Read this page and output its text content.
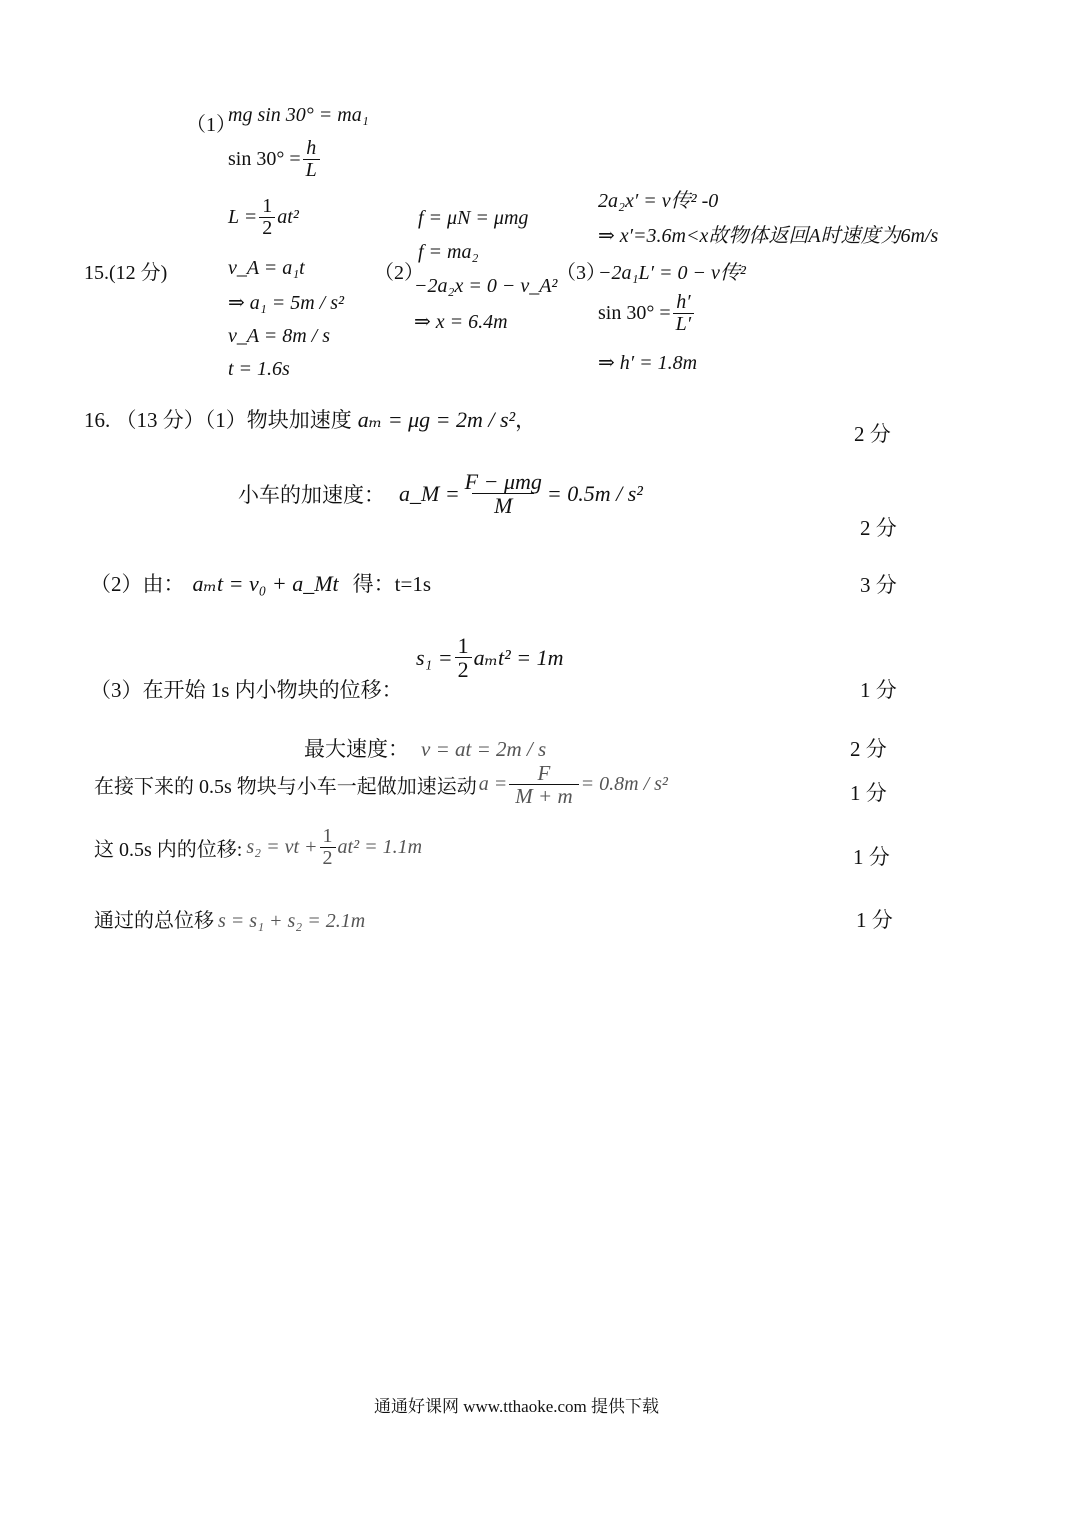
15.(12 分)
（1）
mg sin 30° = ma₁
$\sin 30^\circ = \frac{h}{L}$
$L = \frac{1}{2} at^2$
v_A = a₁t
⇒ a₁ = 5m / s²
v_A = 8m / s
t = 1.6s
（2）
f = μN = μmg
f = ma₂
−2a₂x = 0 − v_A²
⇒ x = 6.4m
（3）
2a₂x′ = v传² -0
⇒ x′=3.6m<x故物体返回A时速度为6m/s
−2a₁L′ = 0 − v传²
$\sin 30^\circ = \frac{h'}{L'}$
⇒ h′ = 1.8m
16. （13 分）（1）物块加速度 aₘ = μg = 2m / s² ，
2 分
小车的加速度： a_M = $\frac{\text{F − μmg}}{M} = 0.5m / s^2$
2 分
（2）由： aₘt = v₀ + a_Mt 得：t=1s	3 分
$s_1 = \frac{1}{2} a_mt^2 = 1m$
（3）在开始 1s 内小物块的位移：	1 分
最大速度： v = at = 2m / s	2 分
在接下来的 0.5s 物块与小车一起做加速运动 $a = \frac{F}{M + m} = 0.8m / s^2$	1 分
这 0.5s 内的位移: s₂ = vt + $\frac{1}{2} at^2 = 1.1m$	1 分
通过的总位移 s = s₁ + s₂ = 2.1m	1 分
通通好课网 www.tthaoke.com 提供下载
